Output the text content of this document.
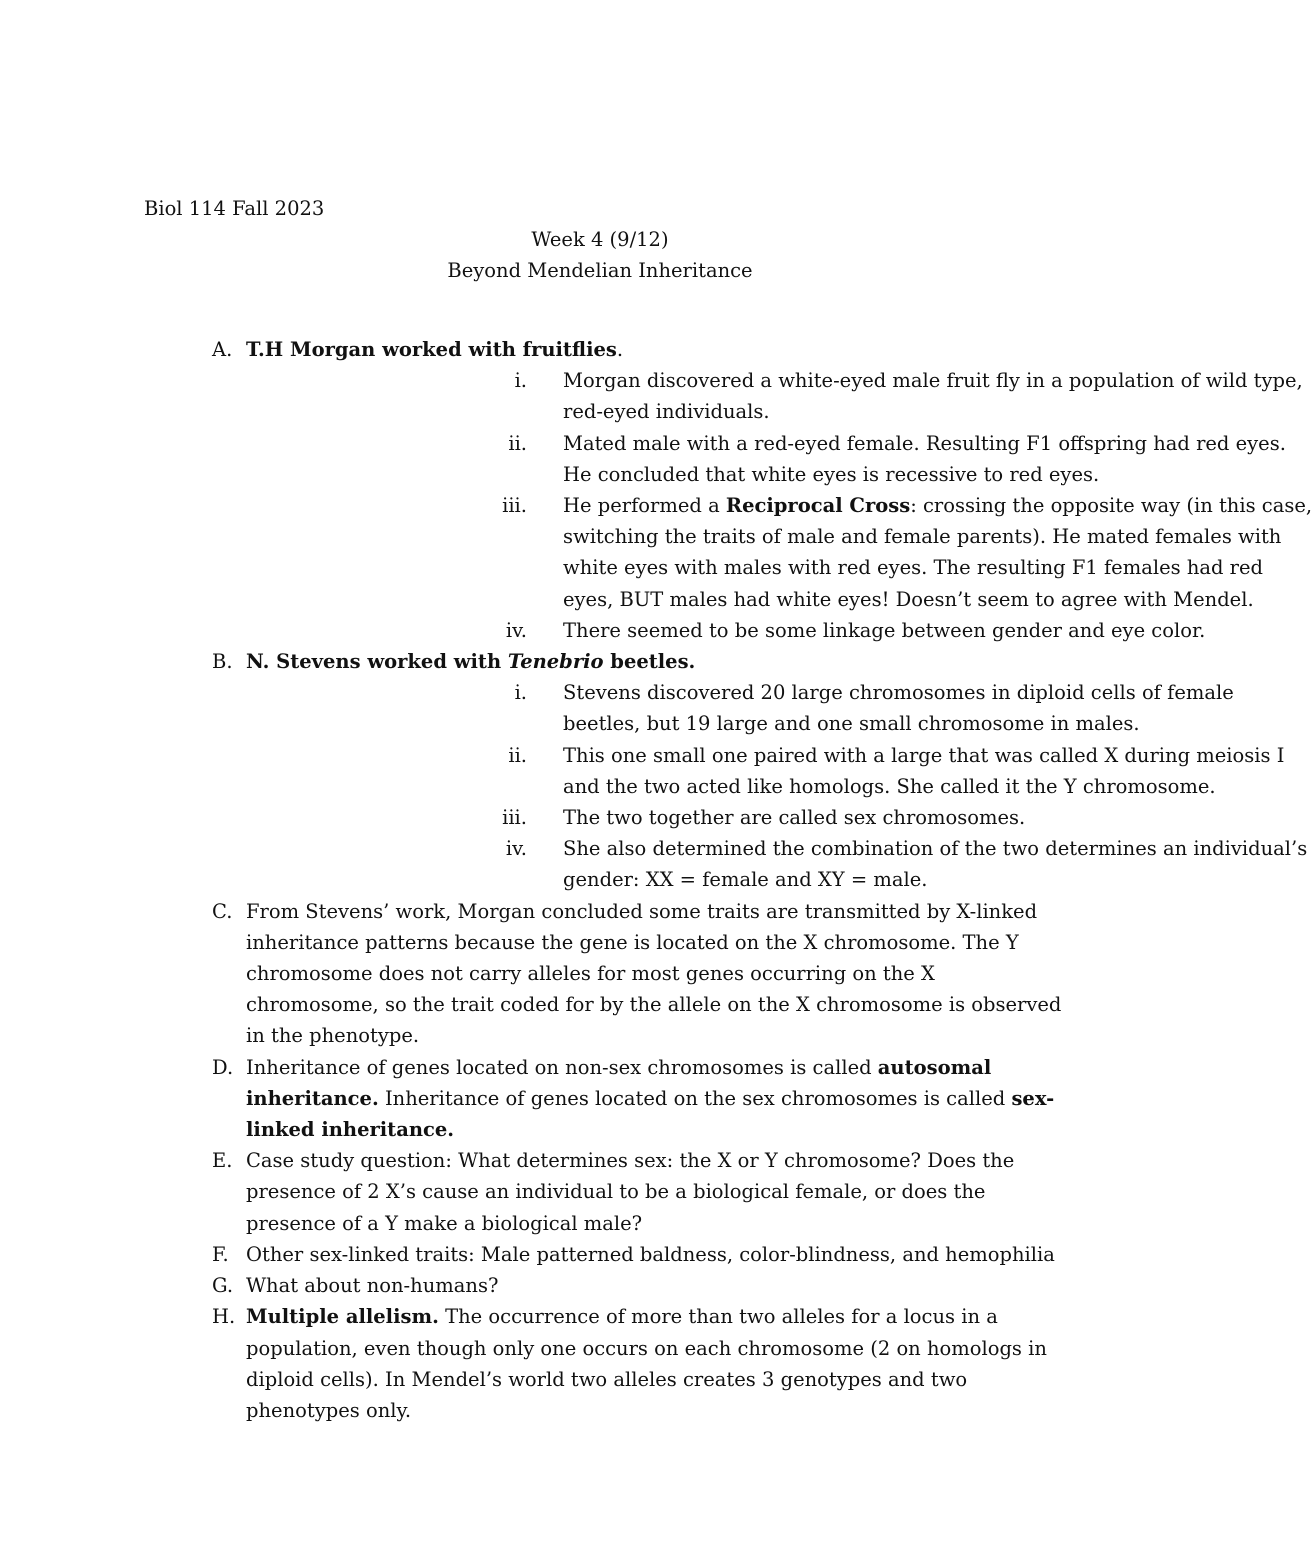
Biol 114 Fall 2023
Week 4 (9/12)
Beyond Mendelian Inheritance
A. T.H Morgan worked with fruitflies.
i. Morgan discovered a white-eyed male fruit fly in a population of wild type, red-eyed individuals.
ii. Mated male with a red-eyed female. Resulting F1 offspring had red eyes. He concluded that white eyes is recessive to red eyes.
iii. He performed a Reciprocal Cross: crossing the opposite way (in this case, switching the traits of male and female parents). He mated females with white eyes with males with red eyes. The resulting F1 females had red eyes, BUT males had white eyes! Doesn’t seem to agree with Mendel.
iv. There seemed to be some linkage between gender and eye color.
B. N. Stevens worked with Tenebrio beetles.
i. Stevens discovered 20 large chromosomes in diploid cells of female beetles, but 19 large and one small chromosome in males.
ii. This one small one paired with a large that was called X during meiosis I and the two acted like homologs. She called it the Y chromosome.
iii. The two together are called sex chromosomes.
iv. She also determined the combination of the two determines an individual’s gender: XX = female and XY = male.
C. From Stevens’ work, Morgan concluded some traits are transmitted by X-linked inheritance patterns because the gene is located on the X chromosome. The Y chromosome does not carry alleles for most genes occurring on the X chromosome, so the trait coded for by the allele on the X chromosome is observed in the phenotype.
D. Inheritance of genes located on non-sex chromosomes is called autosomal inheritance. Inheritance of genes located on the sex chromosomes is called sex-linked inheritance.
E. Case study question: What determines sex: the X or Y chromosome? Does the presence of 2 X’s cause an individual to be a biological female, or does the presence of a Y make a biological male?
F. Other sex-linked traits: Male patterned baldness, color-blindness, and hemophilia
G. What about non-humans?
H. Multiple allelism. The occurrence of more than two alleles for a locus in a population, even though only one occurs on each chromosome (2 on homologs in diploid cells). In Mendel’s world two alleles creates 3 genotypes and two phenotypes only.
